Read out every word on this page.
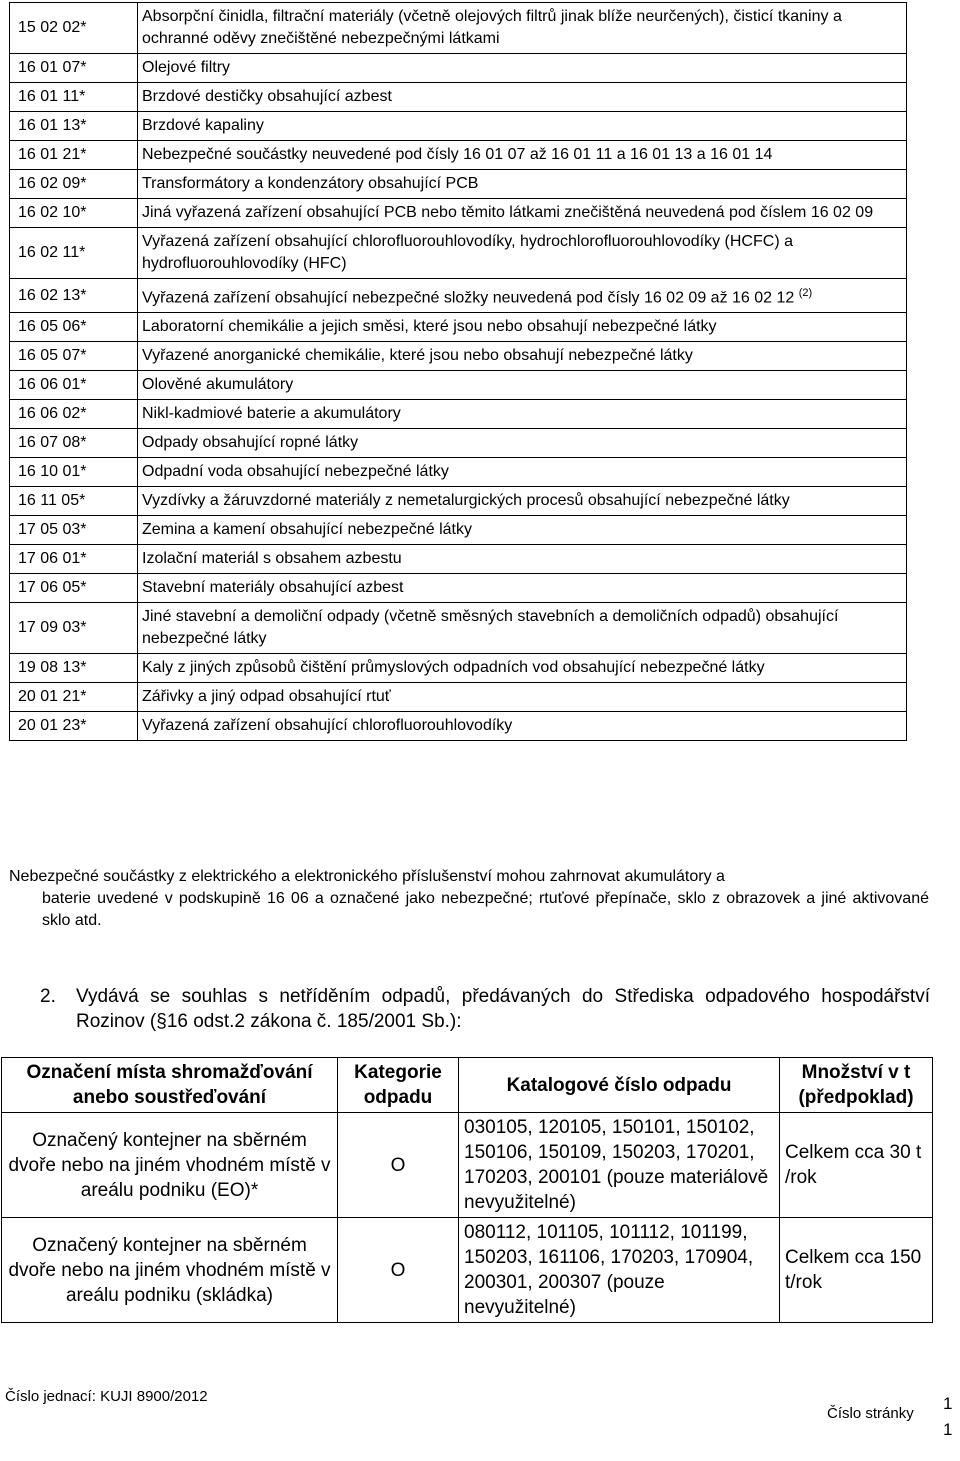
15 02 02*	Absorpční činidla, filtrační materiály (včetně olejových filtrů jinak blíže neurčených), čisticí tkaniny a ochranné oděvy znečištěné nebezpečnými látkami
16 01 07*	Olejové filtry
16 01 11*	Brzdové destičky obsahující azbest
16 01 13*	Brzdové kapaliny
16 01 21*	Nebezpečné součástky neuvedené pod čísly 16 01 07 až 16 01 11 a 16 01 13 a 16 01 14
16 02 09*	Transformátory a kondenzátory obsahující PCB
16 02 10*	Jiná vyřazená zařízení obsahující PCB nebo těmito látkami znečištěná neuvedená pod číslem 16 02 09
16 02 11*	Vyřazená zařízení obsahující chlorofluorouhlovodíky, hydrochlorofluorouhlovodíky (HCFC) a hydrofluorouhlovodíky (HFC)
16 02 13*	Vyřazená zařízení obsahující nebezpečné složky neuvedená pod čísly 16 02 09 až 16 02 12 $^{(2)}$
16 05 06*	Laboratorní chemikálie a jejich směsi, které jsou nebo obsahují nebezpečné látky
16 05 07*	Vyřazené anorganické chemikálie, které jsou nebo obsahují nebezpečné látky
16 06 01*	Olověné akumulátory
16 06 02*	Nikl-kadmiové baterie a akumulátory
16 07 08*	Odpady obsahující ropné látky
16 10 01*	Odpadní voda obsahující nebezpečné látky
16 11 05*	Vyzdívky a žáruvzdorné materiály z nemetalurgických procesů obsahující nebezpečné látky
17 05 03*	Zemina a kamení obsahující nebezpečné látky
17 06 01*	Izolační materiál s obsahem azbestu
17 06 05*	Stavební materiály obsahující azbest
17 09 03*	Jiné stavební a demoliční odpady (včetně směsných stavebních a demoličních odpadů) obsahující nebezpečné látky
19 08 13*	Kaly z jiných způsobů čištění průmyslových odpadních vod obsahující nebezpečné látky
20 01 21*	Zářivky a jiný odpad obsahující rtuť
20 01 23*	Vyřazená zařízení obsahující chlorofluorouhlovodíky
Nebezpečné součástky z elektrického a elektronického příslušenství mohou zahrnovat akumulátory a
baterie uvedené v podskupině 16 06 a označené jako nebezpečné; rtuťové přepínače, sklo z obrazovek a jiné aktivované sklo atd.
2.	Vydává se souhlas s netříděním odpadů, předávaných do Střediska odpadového hospodářství Rozinov (§16 odst.2 zákona č. 185/2001 Sb.):
Označení místa shromažďování anebo soustřeďování	Kategorie odpadu	Katalogové číslo odpadu	Množství v t (předpoklad)
Označený kontejner na sběrném dvoře nebo na jiném vhodném místě v areálu podniku (EO)*	O	030105, 120105, 150101, 150102, 150106, 150109, 150203, 170201, 170203, 200101 (pouze materiálově nevyužitelné)	Celkem cca 30 t /rok
Označený kontejner na sběrném dvoře nebo na jiném vhodném místě v areálu podniku (skládka)	O	080112, 101105, 101112, 101199, 150203, 161106, 170203, 170904, 200301, 200307 (pouze nevyužitelné)	Celkem cca 150 t/rok
Číslo jednací: KUJI 8900/2012
Číslo stránky
1
1
